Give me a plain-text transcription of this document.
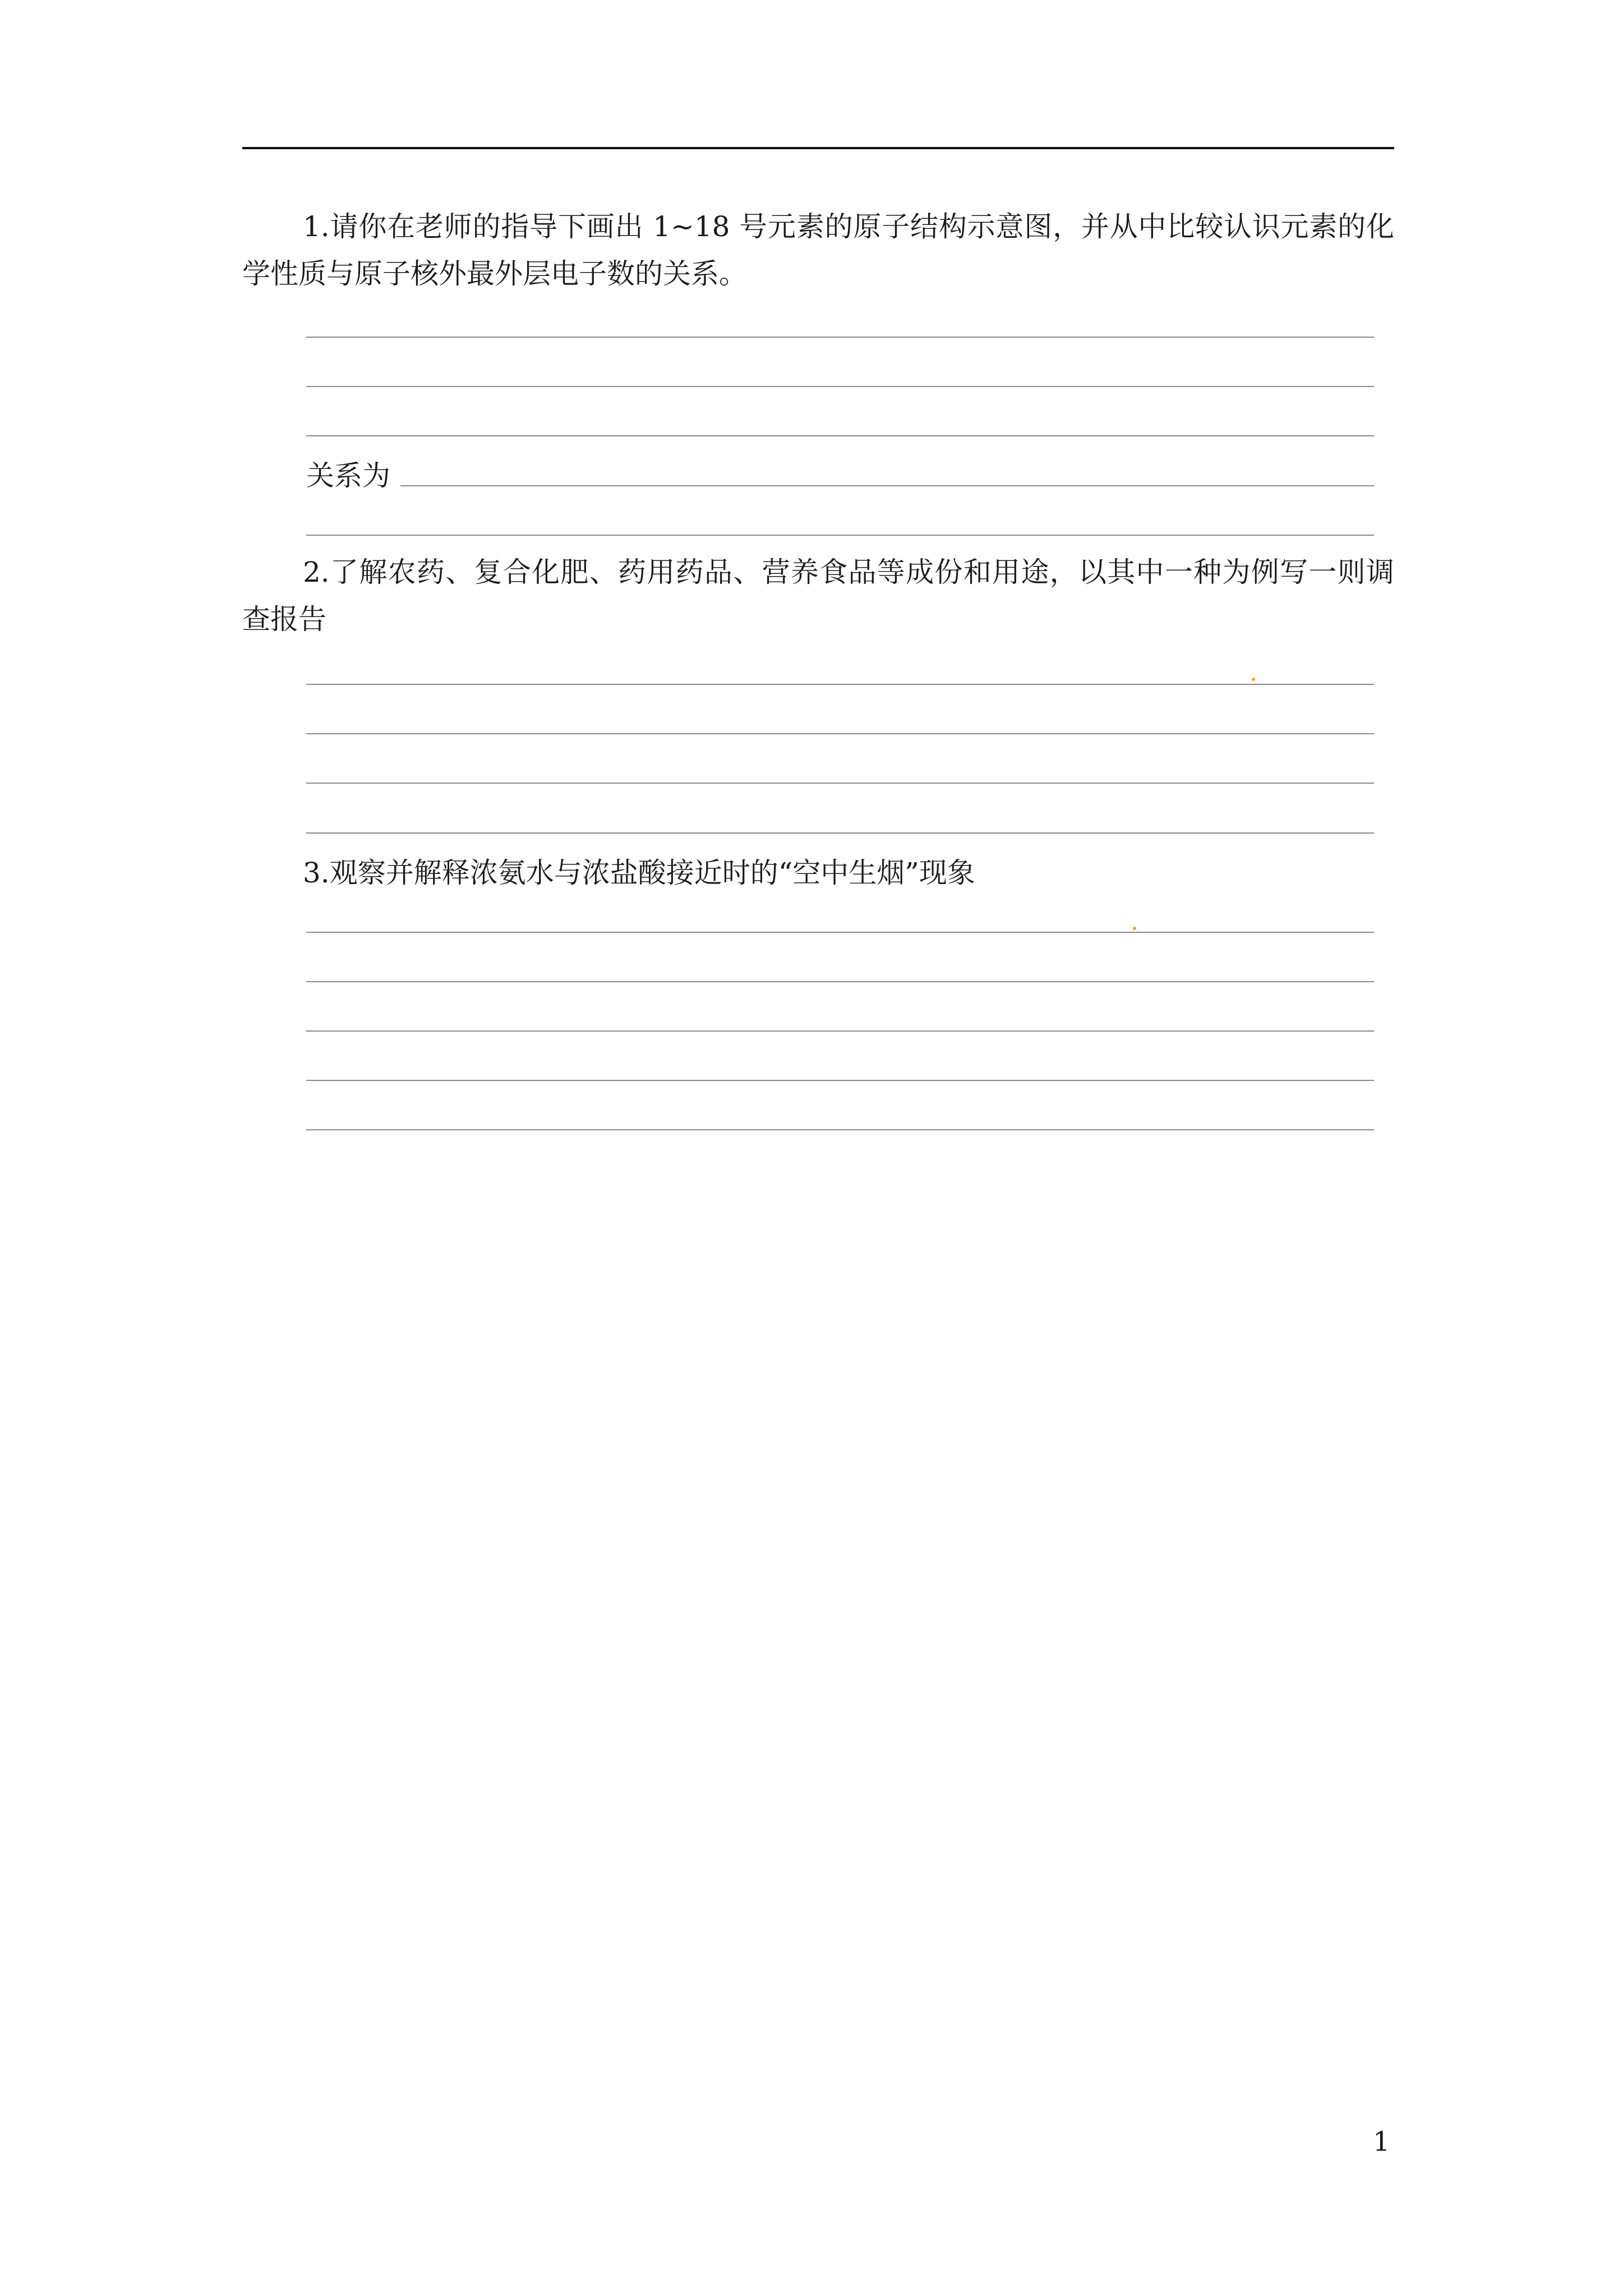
1.请你在老师的指导下画出 1~18 号元素的原子结构示意图，并从中比较认识元素的化学性质与原子核外最外层电子数的关系。

关系为

2.了解农药、复合化肥、药用药品、营养食品等成份和用途，以其中一种为例写一则调查报告

3.观察并解释浓氨水与浓盐酸接近时的“空中生烟”现象

1
